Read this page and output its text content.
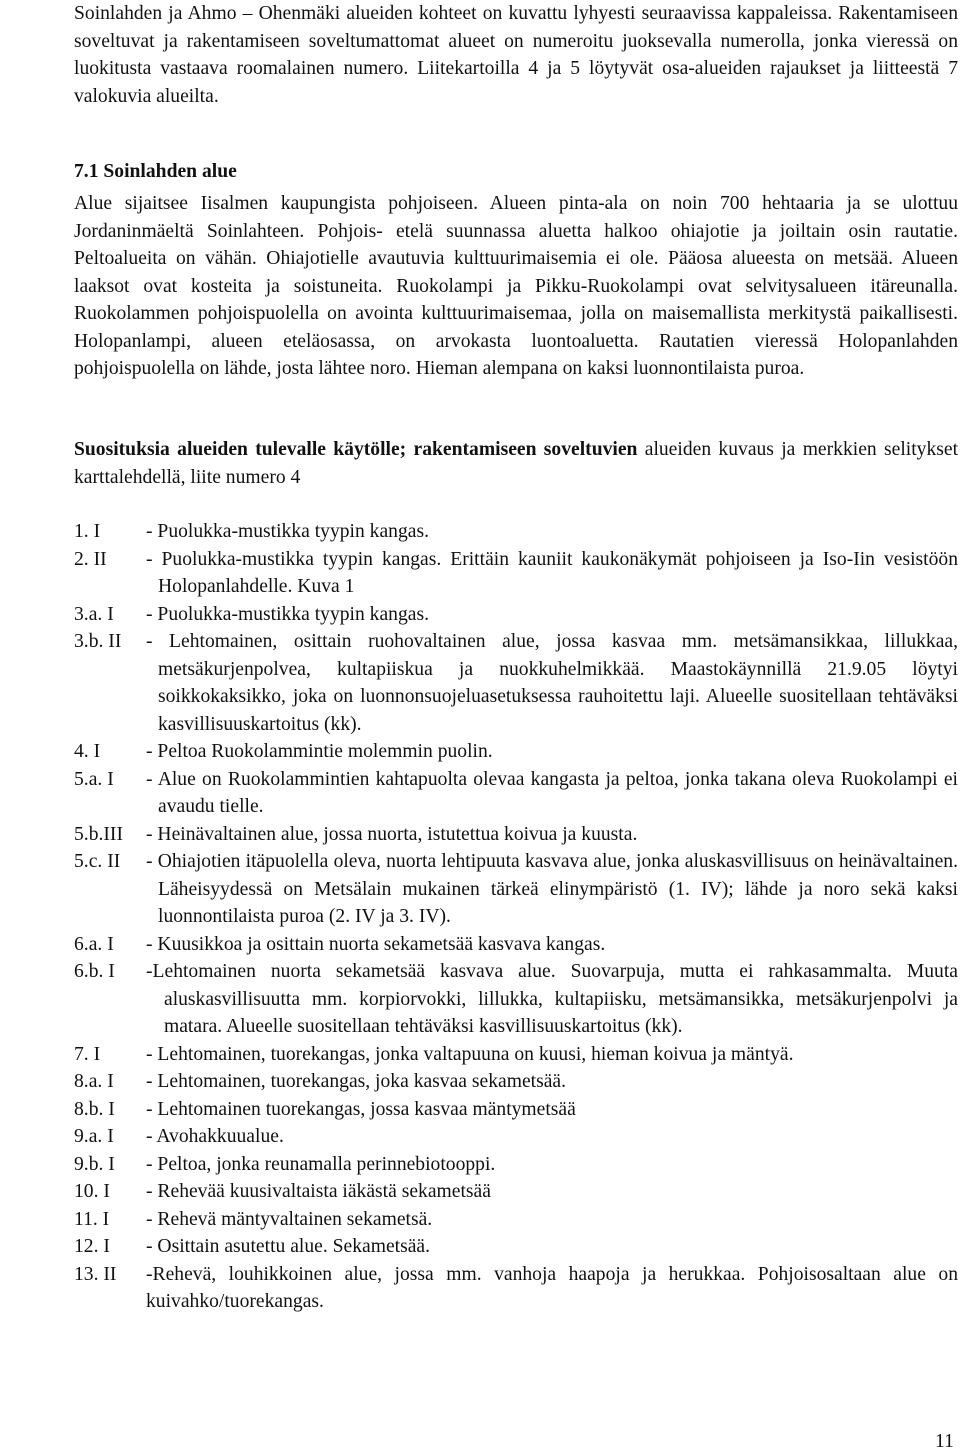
Soinlahden ja Ahmo – Ohenmäki alueiden kohteet on kuvattu lyhyesti seuraavissa kappaleissa. Rakentamiseen soveltuvat ja rakentamiseen soveltumattomat alueet on numeroitu juoksevalla numerolla, jonka vieressä on luokitusta vastaava roomalainen numero. Liitekartoilla 4 ja 5 löytyvät osa-alueiden rajaukset ja liitteestä 7 valokuvia alueilta.

7.1 Soinlahden alue

Alue sijaitsee Iisalmen kaupungista pohjoiseen. Alueen pinta-ala on noin 700 hehtaaria ja se ulottuu Jordaninmäeltä Soinlahteen. Pohjois- etelä suunnassa aluetta halkoo ohiajotie ja joiltain osin rautatie. Peltoalueita on vähän. Ohiajotielle avautuvia kulttuurimaisemia ei ole. Pääosa alueesta on metsää. Alueen laaksot ovat kosteita ja soistuneita. Ruokolampi ja Pikku-Ruokolampi ovat selvitysalueen itäreunalla. Ruokolammen pohjoispuolella on avointa kulttuurimaisemaa, jolla on maisemallista merkitystä paikallisesti. Holopanlampi, alueen eteläosassa, on arvokasta luontoaluetta. Rautatien vieressä Holopanlahden pohjoispuolella on lähde, josta lähtee noro. Hieman alempana on kaksi luonnontilaista puroa.

Suosituksia alueiden tulevalle käytölle; rakentamiseen soveltuvien alueiden kuvaus ja merkkien selitykset karttalehdellä, liite numero 4

1. I	- Puolukka-mustikka tyypin kangas.
2. II	- Puolukka-mustikka tyypin kangas. Erittäin kauniit kaukonäkymät pohjoiseen ja Iso-Iin vesistöön Holopanlahdelle. Kuva 1
3.a. I	- Puolukka-mustikka tyypin kangas.
3.b. II	- Lehtomainen, osittain ruohovaltainen alue, jossa kasvaa mm. metsämansikkaa, lillukkaa, metsäkurjenpolvea, kultapiiskua ja nuokkuhelmikkää. Maastokäynnillä 21.9.05 löytyi soikkokaksikko, joka on luonnonsuojeluasetuksessa rauhoitettu laji. Alueelle suositellaan tehtäväksi kasvillisuuskartoitus (kk).
4. I	- Peltoa Ruokolammintie molemmin puolin.
5.a. I	- Alue on Ruokolammintien kahtapuolta olevaa kangasta ja peltoa, jonka takana oleva Ruokolampi ei avaudu tielle.
5.b.III	- Heinävaltainen alue, jossa nuorta, istutettua koivua ja kuusta.
5.c. II	- Ohiajotien itäpuolella oleva, nuorta lehtipuuta kasvava alue, jonka aluskasvillisuus on heinävaltainen. Läheisyydessä on Metsälain mukainen tärkeä elinympäristö (1. IV); lähde ja noro sekä kaksi luonnontilaista puroa (2. IV ja 3. IV).
6.a. I	- Kuusikkoa ja osittain nuorta sekametsää kasvava kangas.
6.b. I	-Lehtomainen nuorta sekametsää kasvava alue. Suovarpuja, mutta ei rahkasammalta. Muuta aluskasvillisuutta mm. korpiorvokki, lillukka, kultapiisku, metsämansikka, metsäkurjenpolvi ja matara. Alueelle suositellaan tehtäväksi kasvillisuuskartoitus (kk).
7. I	- Lehtomainen, tuorekangas, jonka valtapuuna on kuusi, hieman koivua ja mäntyä.
8.a. I	- Lehtomainen, tuorekangas, joka kasvaa sekametsää.
8.b. I	- Lehtomainen tuorekangas, jossa kasvaa mäntymetsää
9.a. I	- Avohakkuualue.
9.b. I	- Peltoa, jonka reunamalla perinnebiotooppi.
10. I	- Rehevää kuusivaltaista iäkästä sekametsää
11. I	- Rehevä mäntyvaltainen sekametsä.
12. I	- Osittain asutettu alue. Sekametsää.
13. II	-Rehevä, louhikkoinen alue, jossa mm. vanhoja haapoja ja herukkaa. Pohjoisosaltaan alue on kuivahko/tuorekangas.

11
